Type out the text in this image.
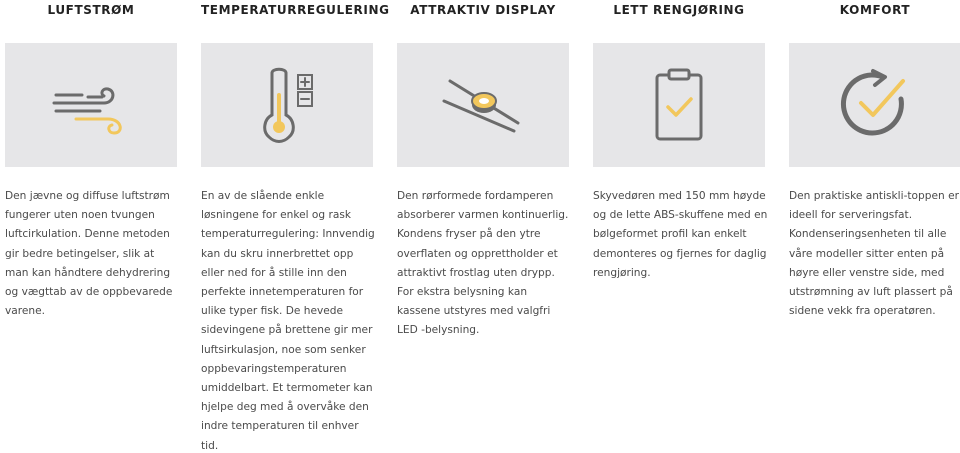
LUFTSTRØM
Den jævne og diffuse luftstrøm fungerer uten noen tvungen luftcirkulation. Denne metoden gir bedre betingelser, slik at man kan håndtere dehydrering og vægttab av de oppbevarede varene.
TEMPERATURREGULERING
En av de slående enkle løsningene for enkel og rask temperaturregulering: Innvendig kan du skru innerbrettet opp eller ned for å stille inn den perfekte innetemperaturen for ulike typer fisk. De hevede sidevingene på brettene gir mer luftsirkulasjon, noe som senker oppbevaringstemperaturen umiddelbart. Et termometer kan hjelpe deg med å overvåke den indre temperaturen til enhver tid.
ATTRAKTIV DISPLAY
Den rørformede fordamperen absorberer varmen kontinuerlig. Kondens fryser på den ytre overflaten og opprettholder et attraktivt frostlag uten drypp. For ekstra belysning kan kassene utstyres med valgfri LED -belysning.
LETT RENGJØRING
Skyvedøren med 150 mm høyde og de lette ABS-skuffene med en bølgeformet profil kan enkelt demonteres og fjernes for daglig rengjøring.
KOMFORT
Den praktiske antiskli-toppen er ideell for serveringsfat. Kondenseringsenheten til alle våre modeller sitter enten på høyre eller venstre side, med utstrømning av luft plassert på sidene vekk fra operatøren.
